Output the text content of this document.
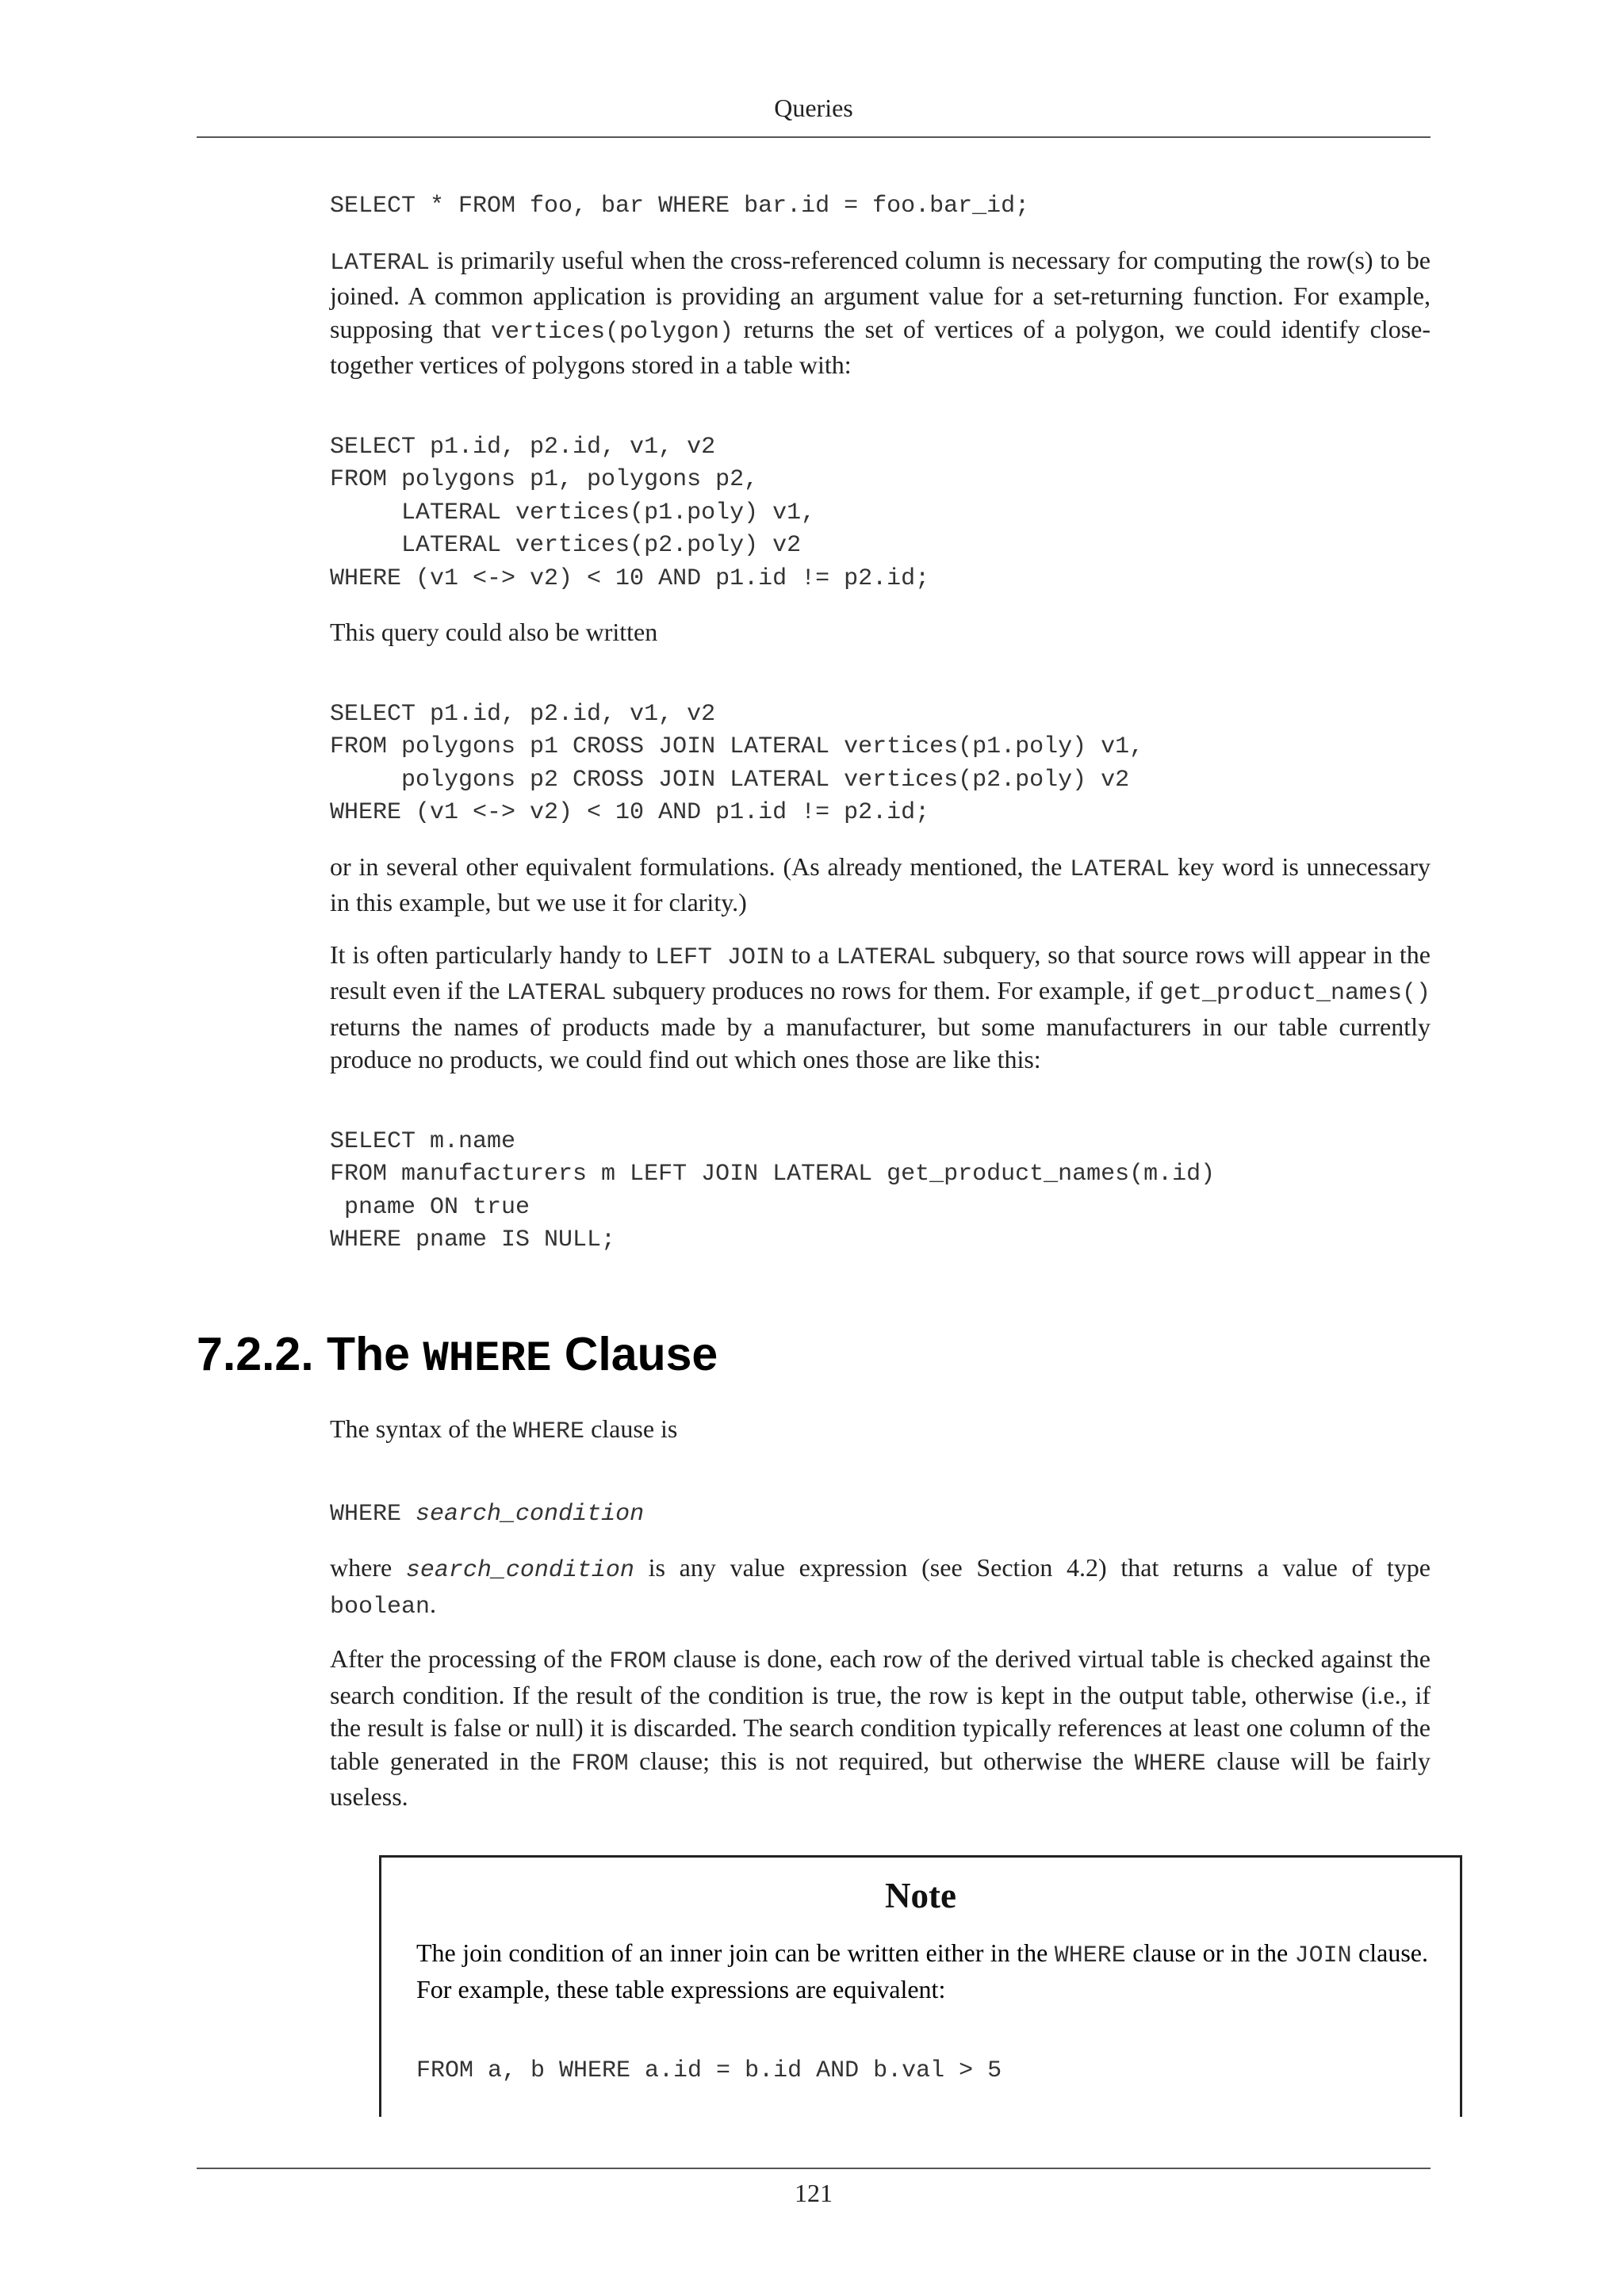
Queries
SELECT * FROM foo, bar WHERE bar.id = foo.bar_id;

LATERAL is primarily useful when the cross-referenced column is necessary for computing the row(s) to be joined. A common application is providing an argument value for a set-returning function. For example, supposing that vertices(polygon) returns the set of vertices of a polygon, we could identify close-together vertices of polygons stored in a table with:

SELECT p1.id, p2.id, v1, v2
FROM polygons p1, polygons p2,
LATERAL vertices(p1.poly) v1,
LATERAL vertices(p2.poly) v2
WHERE (v1 <-> v2) < 10 AND p1.id != p2.id;

This query could also be written

SELECT p1.id, p2.id, v1, v2
FROM polygons p1 CROSS JOIN LATERAL vertices(p1.poly) v1,
polygons p2 CROSS JOIN LATERAL vertices(p2.poly) v2
WHERE (v1 <-> v2) < 10 AND p1.id != p2.id;

or in several other equivalent formulations. (As already mentioned, the LATERAL key word is unnecessary in this example, but we use it for clarity.)

It is often particularly handy to LEFT JOIN to a LATERAL subquery, so that source rows will appear in the result even if the LATERAL subquery produces no rows for them. For example, if get_product_names() returns the names of products made by a manufacturer, but some manufacturers in our table currently produce no products, we could find out which ones those are like this:

SELECT m.name
FROM manufacturers m LEFT JOIN LATERAL get_product_names(m.id)
pname ON true
WHERE pname IS NULL;
7.2.2. The WHERE Clause

The syntax of the WHERE clause is

WHERE search_condition

where search_condition is any value expression (see Section 4.2) that returns a value of type boolean.

After the processing of the FROM clause is done, each row of the derived virtual table is checked against the search condition. If the result of the condition is true, the row is kept in the output table, otherwise (i.e., if the result is false or null) it is discarded. The search condition typically references at least one column of the table generated in the FROM clause; this is not required, but otherwise the WHERE clause will be fairly useless.

Note

The join condition of an inner join can be written either in the WHERE clause or in the JOIN clause. For example, these table expressions are equivalent:

FROM a, b WHERE a.id = b.id AND b.val > 5
121
